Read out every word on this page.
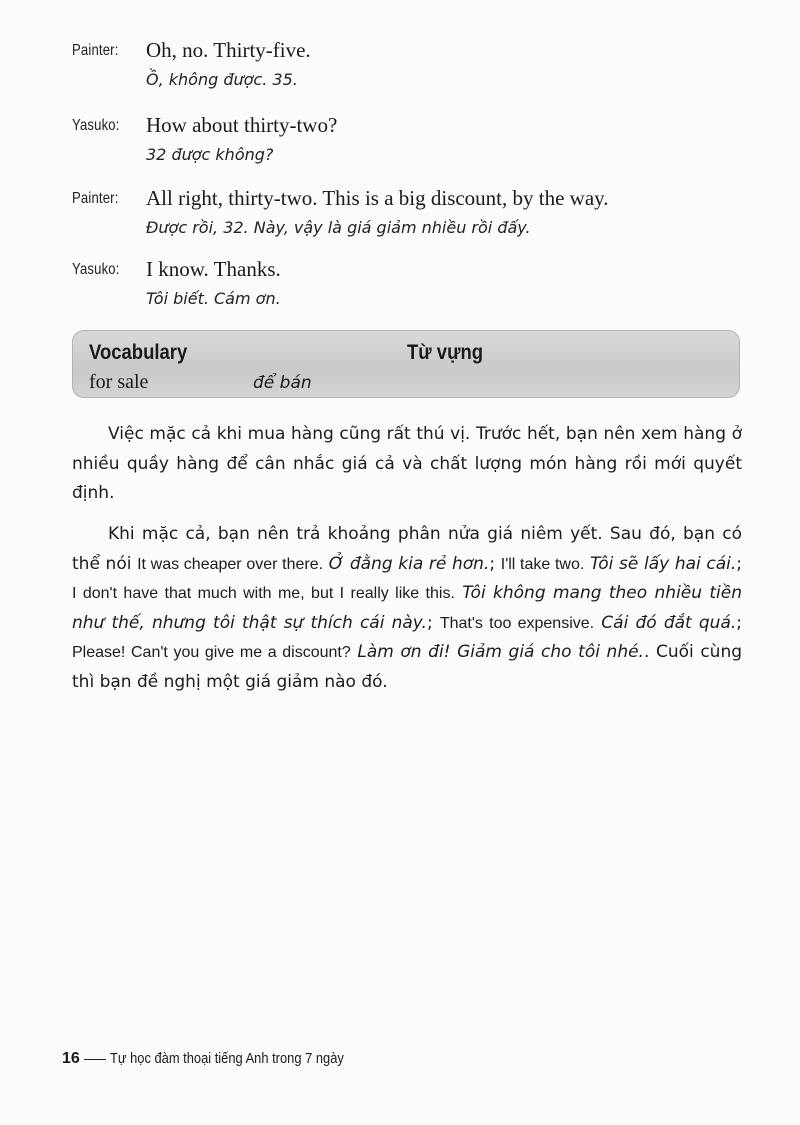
Painter:	Oh, no. Thirty-five.
Ồ, không được. 35.
Yasuko:	How about thirty-two?
32 được không?
Painter:	All right, thirty-two. This is a big discount, by the way.
Được rồi, 32. Này, vậy là giá giảm nhiều rồi đấy.
Yasuko:	I know. Thanks.
Tôi biết. Cám ơn.
Vocabulary	Từ vựng
for sale	để bán
Việc mặc cả khi mua hàng cũng rất thú vị. Trước hết, bạn nên xem hàng ở nhiều quầy hàng để cân nhắc giá cả và chất lượng món hàng rồi mới quyết định.
Khi mặc cả, bạn nên trả khoảng phân nửa giá niêm yết. Sau đó, bạn có thể nói It was cheaper over there. Ở đằng kia rẻ hơn.; I'll take two. Tôi sẽ lấy hai cái.; I don't have that much with me, but I really like this. Tôi không mang theo nhiều tiền như thế, nhưng tôi thật sự thích cái này.; That's too expensive. Cái đó đắt quá.; Please! Can't you give me a discount? Làm ơn đi! Giảm giá cho tôi nhé.. Cuối cùng thì bạn đề nghị một giá giảm nào đó.
16 Tự học đàm thoại tiếng Anh trong 7 ngày
